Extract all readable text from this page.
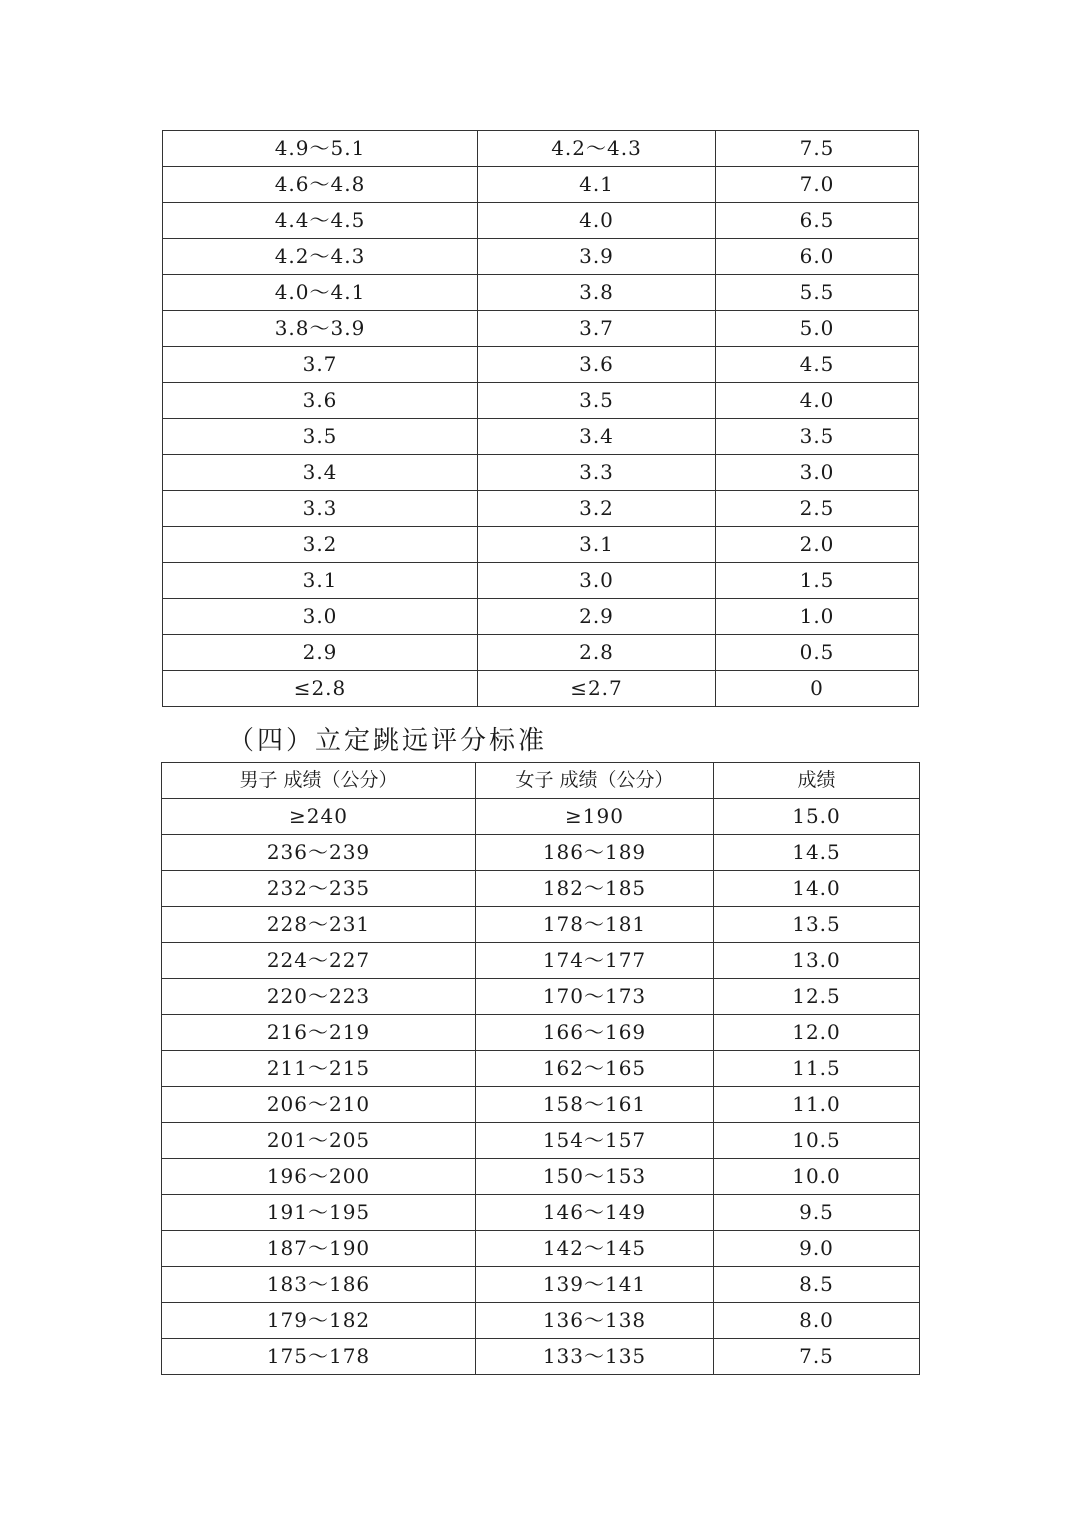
4.9～5.1	4.2～4.3	7.5
4.6～4.8	4.1	7.0
4.4～4.5	4.0	6.5
4.2～4.3	3.9	6.0
4.0～4.1	3.8	5.5
3.8～3.9	3.7	5.0
3.7	3.6	4.5
3.6	3.5	4.0
3.5	3.4	3.5
3.4	3.3	3.0
3.3	3.2	2.5
3.2	3.1	2.0
3.1	3.0	1.5
3.0	2.9	1.0
2.9	2.8	0.5
≤2.8	≤2.7	0
（四）立定跳远评分标准
男子 成绩（公分）	女子 成绩（公分）	成绩
≥240	≥190	15.0
236～239	186～189	14.5
232～235	182～185	14.0
228～231	178～181	13.5
224～227	174～177	13.0
220～223	170～173	12.5
216～219	166～169	12.0
211～215	162～165	11.5
206～210	158～161	11.0
201～205	154～157	10.5
196～200	150～153	10.0
191～195	146～149	9.5
187～190	142～145	9.0
183～186	139～141	8.5
179～182	136～138	8.0
175～178	133～135	7.5
